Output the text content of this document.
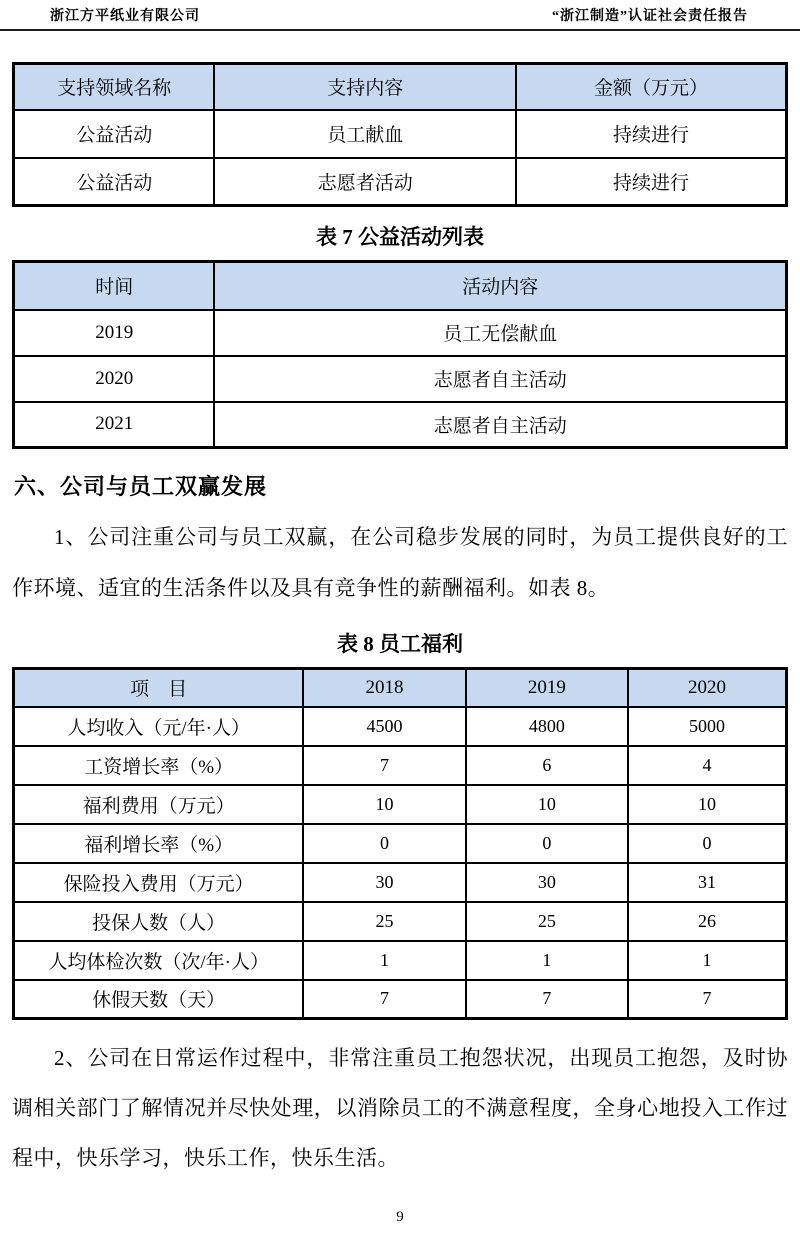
浙江方平纸业有限公司	“浙江制造”认证社会责任报告
支持领域名称	支持内容	金额（万元）
公益活动	员工献血	持续进行
公益活动	志愿者活动	持续进行
表 7 公益活动列表
时间	活动内容
2019	员工无偿献血
2020	志愿者自主活动
2021	志愿者自主活动
六、公司与员工双赢发展

1、公司注重公司与员工双赢，在公司稳步发展的同时，为员工提供良好的工作环境、适宜的生活条件以及具有竞争性的薪酬福利。如表 8。

表 8 员工福利
项　目	2018	2019	2020
人均收入（元/年·人）	4500	4800	5000
工资增长率（%）	7	6	4
福利费用（万元）	10	10	10
福利增长率（%）	0	0	0
保险投入费用（万元）	30	30	31
投保人数（人）	25	25	26
人均体检次数（次/年·人）	1	1	1
休假天数（天）	7	7	7

2、公司在日常运作过程中，非常注重员工抱怨状况，出现员工抱怨，及时协调相关部门了解情况并尽快处理，以消除员工的不满意程度，全身心地投入工作过程中，快乐学习，快乐工作，快乐生活。

9
